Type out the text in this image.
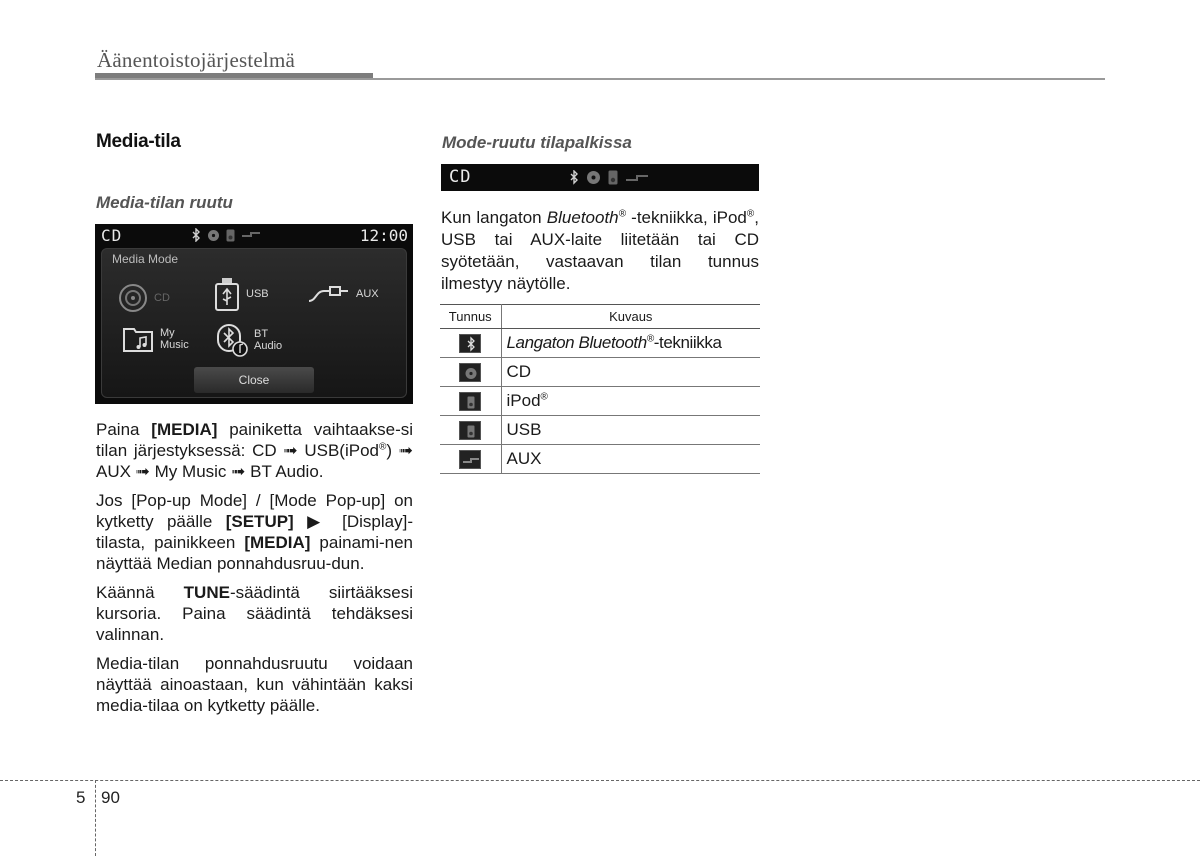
Äänentoistojärjestelmä
Media-tila
Media-tilan ruutu
CD	12:00
Media Mode
CD	USB	AUX
My
Music
BT
Audio
Close

Paina [MEDIA] painiketta vaihtaakse-si tilan järjestyksessä: CD ➟ USB(iPod®) ➟ AUX ➟ My Music ➟ BT Audio.

Jos [Pop-up Mode] / [Mode Pop-up] on kytketty päälle [SETUP] ▶ [Display]-tilasta, painikkeen [MEDIA] painami-nen näyttää Median ponnahdusruu-dun.

Käännä TUNE-säädintä siirtääksesi kursoria. Paina säädintä tehdäksesi valinnan.

Media-tilan ponnahdusruutu voidaan näyttää ainoastaan, kun vähintään kaksi media-tilaa on kytketty päälle.

Mode-ruutu tilapalkissa
CD

Kun langaton Bluetooth® -tekniikka, iPod®, USB tai AUX-laite liitetään tai CD syötetään, vastaavan tilan tunnus ilmestyy näytölle.

Tunnus	Kuvaus

	Langaton Bluetooth®-tekniikka

	CD

	iPod®

	USB

	AUX
5 90
